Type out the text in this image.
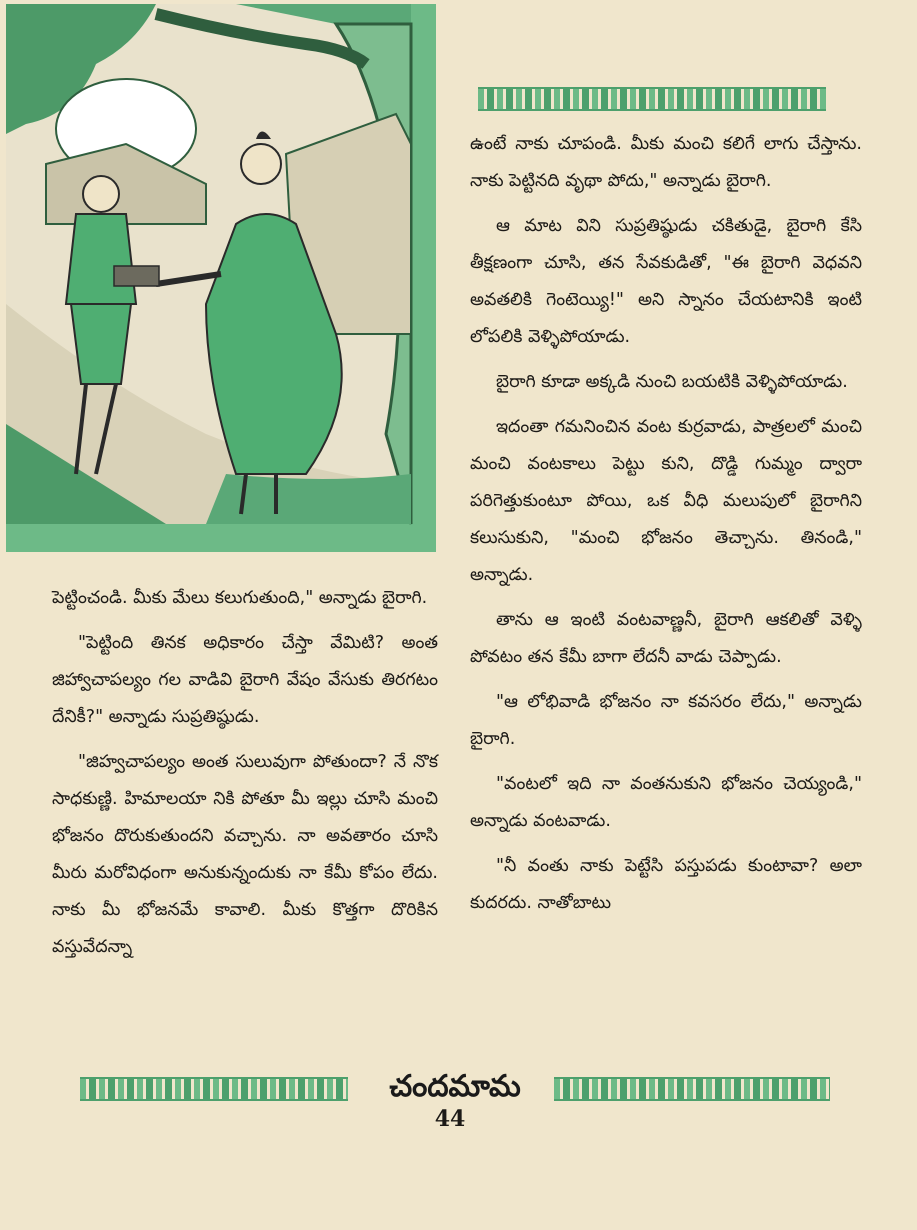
పెట్టించండి. మీకు మేలు కలుగుతుంది," అన్నాడు బైరాగి.

"పెట్టింది తినక అధికారం చేస్తా వేమిటి? అంత జిహ్వాచాపల్యం గల వాడివి బైరాగి వేషం వేసుకు తిరగటం దేనికీ?" అన్నాడు సుప్రతిష్ఠుడు.

"జిహ్వచాపల్యం అంత సులువుగా పోతుందా? నే నొక సాధకుణ్ణి. హిమాలయా నికి పోతూ మీ ఇల్లు చూసి మంచి భోజనం దొరుకుతుందని వచ్చాను. నా అవతారం చూసి మీరు మరోవిధంగా అనుకున్నందుకు నా కేమీ కోపం లేదు. నాకు మీ భోజనమే కావాలి. మీకు కొత్తగా దొరికిన వస్తువేదన్నా

ఉంటే నాకు చూపండి. మీకు మంచి కలిగే లాగు చేస్తాను. నాకు పెట్టినది వృథా పోదు," అన్నాడు బైరాగి.

ఆ మాట విని సుప్రతిష్ఠుడు చకితుడై, బైరాగి కేసి తీక్షణంగా చూసి, తన సేవకుడితో, "ఈ బైరాగి వెధవని అవతలికి గెంటెయ్యి!" అని స్నానం చేయటానికి ఇంటి లోపలికి వెళ్ళిపోయాడు.

బైరాగి కూడా అక్కడి నుంచి బయటికి వెళ్ళిపోయాడు.

ఇదంతా గమనించిన వంట కుర్రవాడు, పాత్రలలో మంచి మంచి వంటకాలు పెట్టు కుని, దొడ్డి గుమ్మం ద్వారా పరిగెత్తుకుంటూ పోయి, ఒక వీధి మలుపులో బైరాగిని కలుసుకుని, "మంచి భోజనం తెచ్చాను. తినండి," అన్నాడు.

తాను ఆ ఇంటి వంటవాణ్ణనీ, బైరాగి ఆకలితో వెళ్ళి పోవటం తన కేమీ బాగా లేదనీ వాడు చెప్పాడు.

"ఆ లోభివాడి భోజనం నా కవసరం లేదు," అన్నాడు బైరాగి.

"వంటలో ఇది నా వంతనుకుని భోజనం చెయ్యండి," అన్నాడు వంటవాడు.

"నీ వంతు నాకు పెట్టేసి పస్తుపడు కుంటావా? అలా కుదరదు. నాతోబాటు

చందమామ
44
